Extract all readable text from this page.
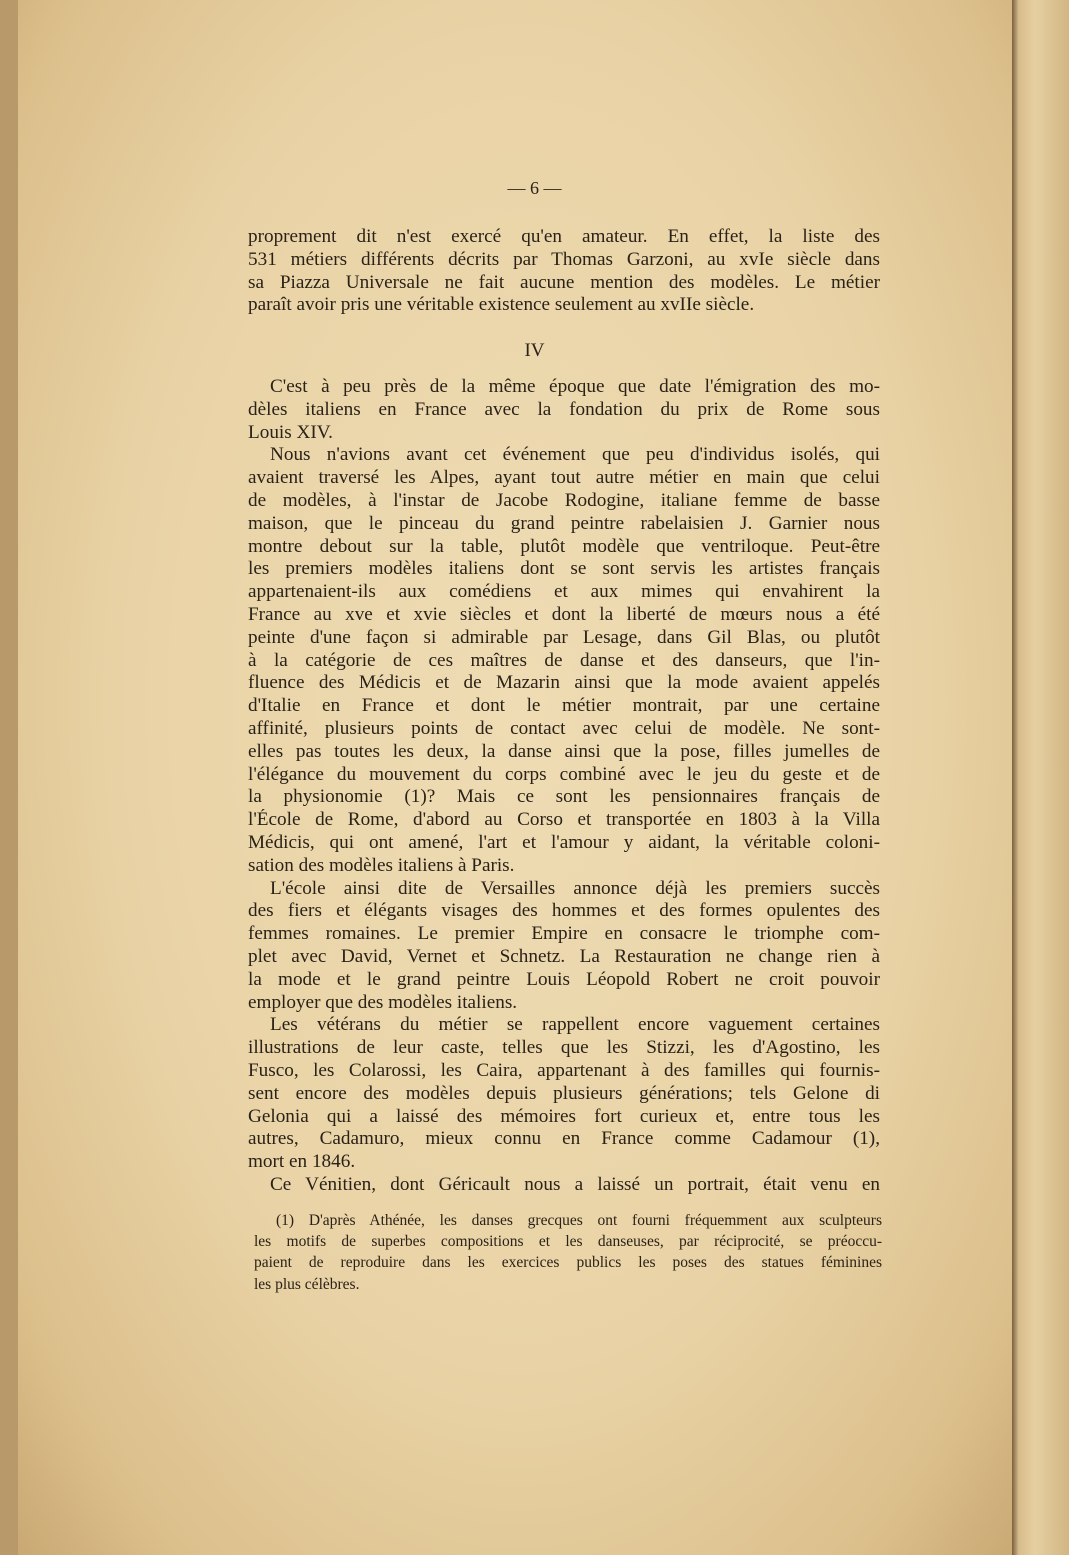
— 6 —
proprement dit n'est exercé qu'en amateur. En effet, la liste des
531 métiers différents décrits par Thomas Garzoni, au xvIe siècle dans
sa Piazza Universale ne fait aucune mention des modèles. Le métier
paraît avoir pris une véritable existence seulement au xvIIe siècle.
IV
C'est à peu près de la même époque que date l'émigration des mo-
dèles italiens en France avec la fondation du prix de Rome sous
Louis XIV.
Nous n'avions avant cet événement que peu d'individus isolés, qui
avaient traversé les Alpes, ayant tout autre métier en main que celui
de modèles, à l'instar de Jacobe Rodogine, italiane femme de basse
maison, que le pinceau du grand peintre rabelaisien J. Garnier nous
montre debout sur la table, plutôt modèle que ventriloque. Peut-être
les premiers modèles italiens dont se sont servis les artistes français
appartenaient-ils aux comédiens et aux mimes qui envahirent la
France au xve et xvie siècles et dont la liberté de mœurs nous a été
peinte d'une façon si admirable par Lesage, dans Gil Blas, ou plutôt
à la catégorie de ces maîtres de danse et des danseurs, que l'in-
fluence des Médicis et de Mazarin ainsi que la mode avaient appelés
d'Italie en France et dont le métier montrait, par une certaine
affinité, plusieurs points de contact avec celui de modèle. Ne sont-
elles pas toutes les deux, la danse ainsi que la pose, filles jumelles de
l'élégance du mouvement du corps combiné avec le jeu du geste et de
la physionomie (1)? Mais ce sont les pensionnaires français de
l'École de Rome, d'abord au Corso et transportée en 1803 à la Villa
Médicis, qui ont amené, l'art et l'amour y aidant, la véritable coloni-
sation des modèles italiens à Paris.
L'école ainsi dite de Versailles annonce déjà les premiers succès
des fiers et élégants visages des hommes et des formes opulentes des
femmes romaines. Le premier Empire en consacre le triomphe com-
plet avec David, Vernet et Schnetz. La Restauration ne change rien à
la mode et le grand peintre Louis Léopold Robert ne croit pouvoir
employer que des modèles italiens.
Les vétérans du métier se rappellent encore vaguement certaines
illustrations de leur caste, telles que les Stizzi, les d'Agostino, les
Fusco, les Colarossi, les Caira, appartenant à des familles qui fournis-
sent encore des modèles depuis plusieurs générations; tels Gelone di
Gelonia qui a laissé des mémoires fort curieux et, entre tous les
autres, Cadamuro, mieux connu en France comme Cadamour (1),
mort en 1846.
Ce Vénitien, dont Géricault nous a laissé un portrait, était venu en
(1) D'après Athénée, les danses grecques ont fourni fréquemment aux sculpteurs
les motifs de superbes compositions et les danseuses, par réciprocité, se préoccu-
paient de reproduire dans les exercices publics les poses des statues féminines
les plus célèbres.
